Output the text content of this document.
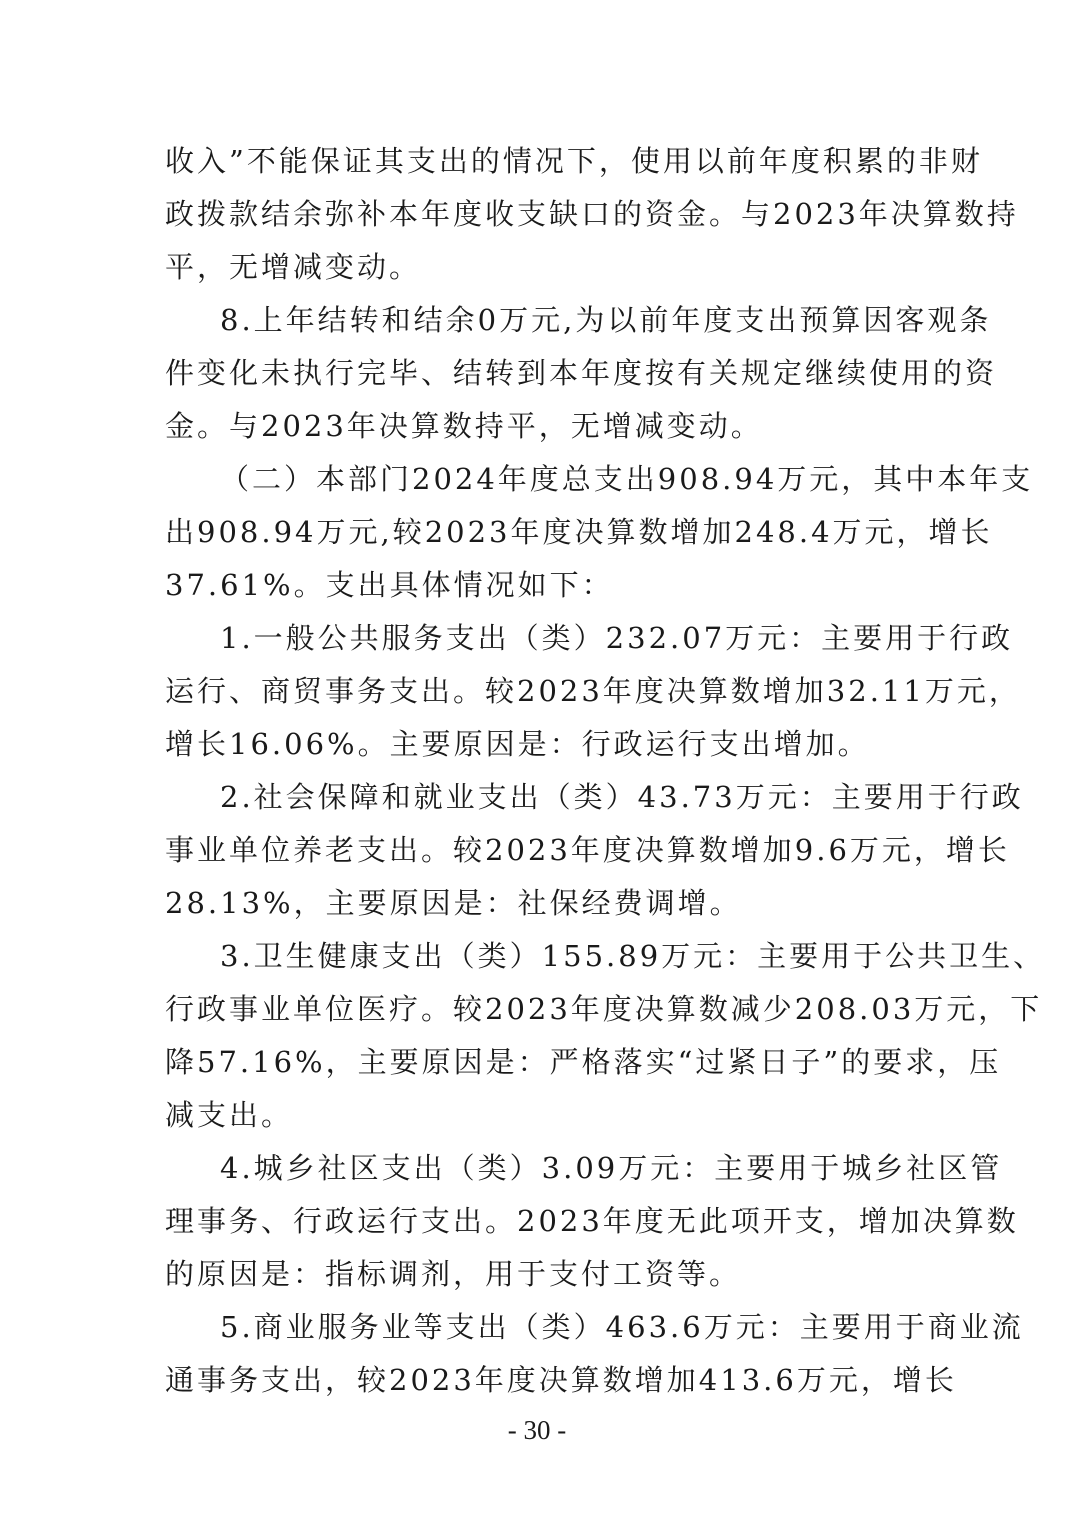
收入”不能保证其支出的情况下，使用以前年度积累的非财
政拨款结余弥补本年度收支缺口的资金。与2023年决算数持
平，无增减变动。
8.上年结转和结余0万元,为以前年度支出预算因客观条
件变化未执行完毕、结转到本年度按有关规定继续使用的资
金。与2023年决算数持平，无增减变动。
（二）本部门2024年度总支出908.94万元，其中本年支
出908.94万元,较2023年度决算数增加248.4万元，增长
37.61%。支出具体情况如下：
1.一般公共服务支出（类）232.07万元：主要用于行政
运行、商贸事务支出。较2023年度决算数增加32.11万元，
增长16.06%。主要原因是：行政运行支出增加。
2.社会保障和就业支出（类）43.73万元：主要用于行政
事业单位养老支出。较2023年度决算数增加9.6万元，增长
28.13%，主要原因是：社保经费调增。
3.卫生健康支出（类）155.89万元：主要用于公共卫生、
行政事业单位医疗。较2023年度决算数减少208.03万元，下
降57.16%，主要原因是：严格落实“过紧日子”的要求，压
减支出。
4.城乡社区支出（类）3.09万元：主要用于城乡社区管
理事务、行政运行支出。2023年度无此项开支，增加决算数
的原因是：指标调剂，用于支付工资等。
5.商业服务业等支出（类）463.6万元：主要用于商业流
通事务支出，较2023年度决算数增加413.6万元，增长
- 30 -
